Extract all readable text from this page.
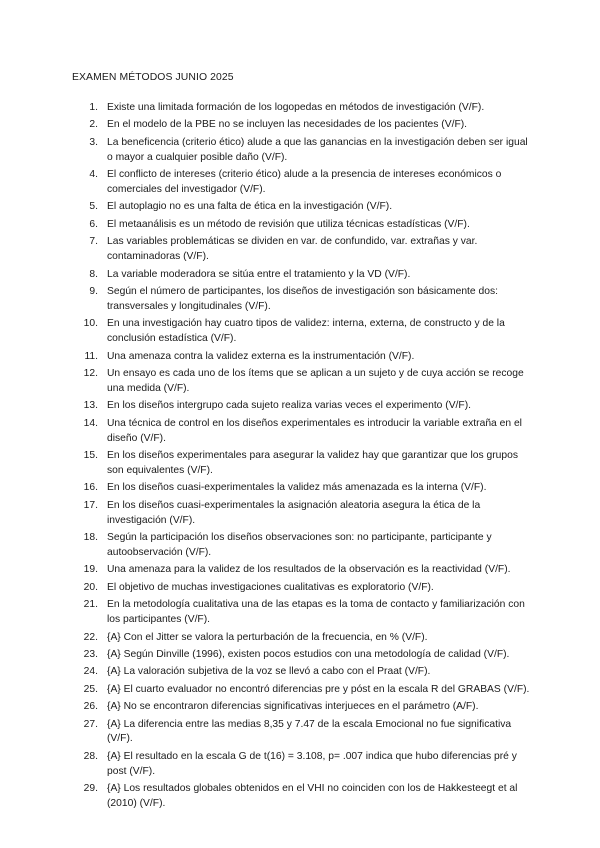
EXAMEN MÉTODOS JUNIO 2025
1. Existe una limitada formación de los logopedas en métodos de investigación (V/F).
2. En el modelo de la PBE no se incluyen las necesidades de los pacientes (V/F).
3. La beneficencia (criterio ético) alude a que las ganancias en la investigación deben ser igual o mayor a cualquier posible daño (V/F).
4. El conflicto de intereses (criterio ético) alude a la presencia de intereses económicos o comerciales del investigador (V/F).
5. El autoplagio no es una falta de ética en la investigación (V/F).
6. El metaanálisis es un método de revisión que utiliza técnicas estadísticas (V/F).
7. Las variables problemáticas se dividen en var. de confundido, var. extrañas y var. contaminadoras (V/F).
8. La variable moderadora se sitúa entre el tratamiento y la VD (V/F).
9. Según el número de participantes, los diseños de investigación son básicamente dos: transversales y longitudinales (V/F).
10. En una investigación hay cuatro tipos de validez: interna, externa, de constructo y de la conclusión estadística (V/F).
11. Una amenaza contra la validez externa es la instrumentación (V/F).
12. Un ensayo es cada uno de los ítems que se aplican a un sujeto y de cuya acción se recoge una medida (V/F).
13. En los diseños intergrupo cada sujeto realiza varias veces el experimento (V/F).
14. Una técnica de control en los diseños experimentales es introducir la variable extraña en el diseño (V/F).
15. En los diseños experimentales para asegurar la validez hay que garantizar que los grupos son equivalentes (V/F).
16. En los diseños cuasi-experimentales la validez más amenazada es la interna (V/F).
17. En los diseños cuasi-experimentales la asignación aleatoria asegura la ética de la investigación (V/F).
18. Según la participación los diseños observaciones son: no participante, participante y autoobservación (V/F).
19. Una amenaza para la validez de los resultados de la observación es la reactividad (V/F).
20. El objetivo de muchas investigaciones cualitativas es exploratorio (V/F).
21. En la metodología cualitativa una de las etapas es la toma de contacto y familiarización con los participantes (V/F).
22. {A} Con el Jitter se valora la perturbación de la frecuencia, en % (V/F).
23. {A} Según Dinville (1996), existen pocos estudios con una metodología de calidad (V/F).
24. {A} La valoración subjetiva de la voz se llevó a cabo con el Praat (V/F).
25. {A} El cuarto evaluador no encontró diferencias pre y póst en la escala R del GRABAS (V/F).
26. {A} No se encontraron diferencias significativas interjueces en el parámetro (A/F).
27. {A} La diferencia entre las medias 8,35 y 7.47 de la escala Emocional no fue significativa (V/F).
28. {A} El resultado en la escala G de t(16) = 3.108, p= .007 indica que hubo diferencias pré y post (V/F).
29. {A} Los resultados globales obtenidos en el VHI no coinciden con los de Hakkesteegt et al (2010) (V/F).
